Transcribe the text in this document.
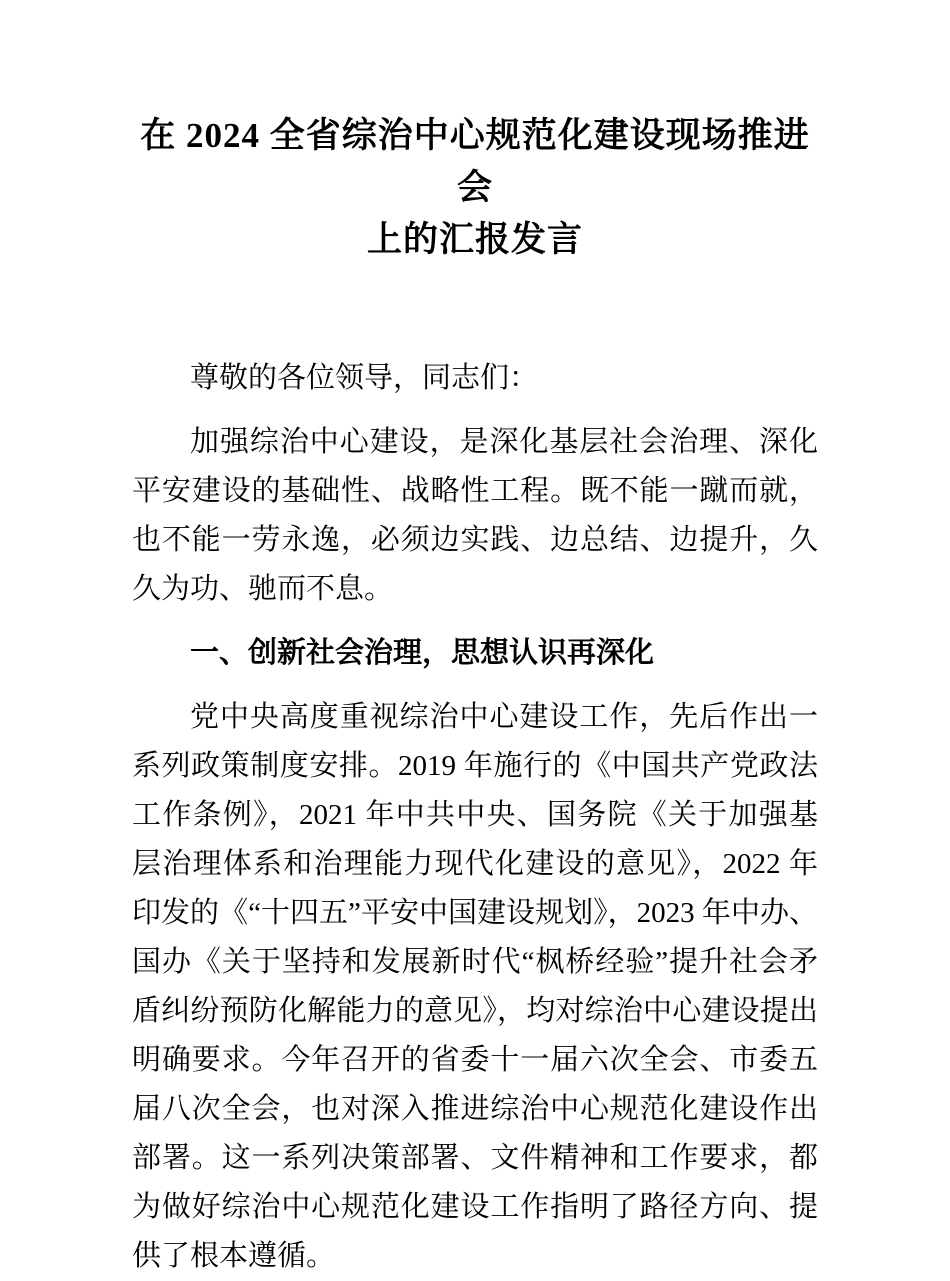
在 2024 全省综治中心规范化建设现场推进会
上的汇报发言

尊敬的各位领导，同志们：

加强综治中心建设，是深化基层社会治理、深化平安建设的基础性、战略性工程。既不能一蹴而就，也不能一劳永逸，必须边实践、边总结、边提升，久久为功、驰而不息。

一、创新社会治理，思想认识再深化

党中央高度重视综治中心建设工作，先后作出一系列政策制度安排。2019 年施行的《中国共产党政法工作条例》，2021 年中共中央、国务院《关于加强基层治理体系和治理能力现代化建设的意见》，2022 年印发的《“十四五”平安中国建设规划》，2023 年中办、国办《关于坚持和发展新时代“枫桥经验”提升社会矛盾纠纷预防化解能力的意见》，均对综治中心建设提出明确要求。今年召开的省委十一届六次全会、市委五届八次全会，也对深入推进综治中心规范化建设作出部署。这一系列决策部署、文件精神和工作要求，都为做好综治中心规范化建设工作指明了路径方向、提供了根本遵循。
